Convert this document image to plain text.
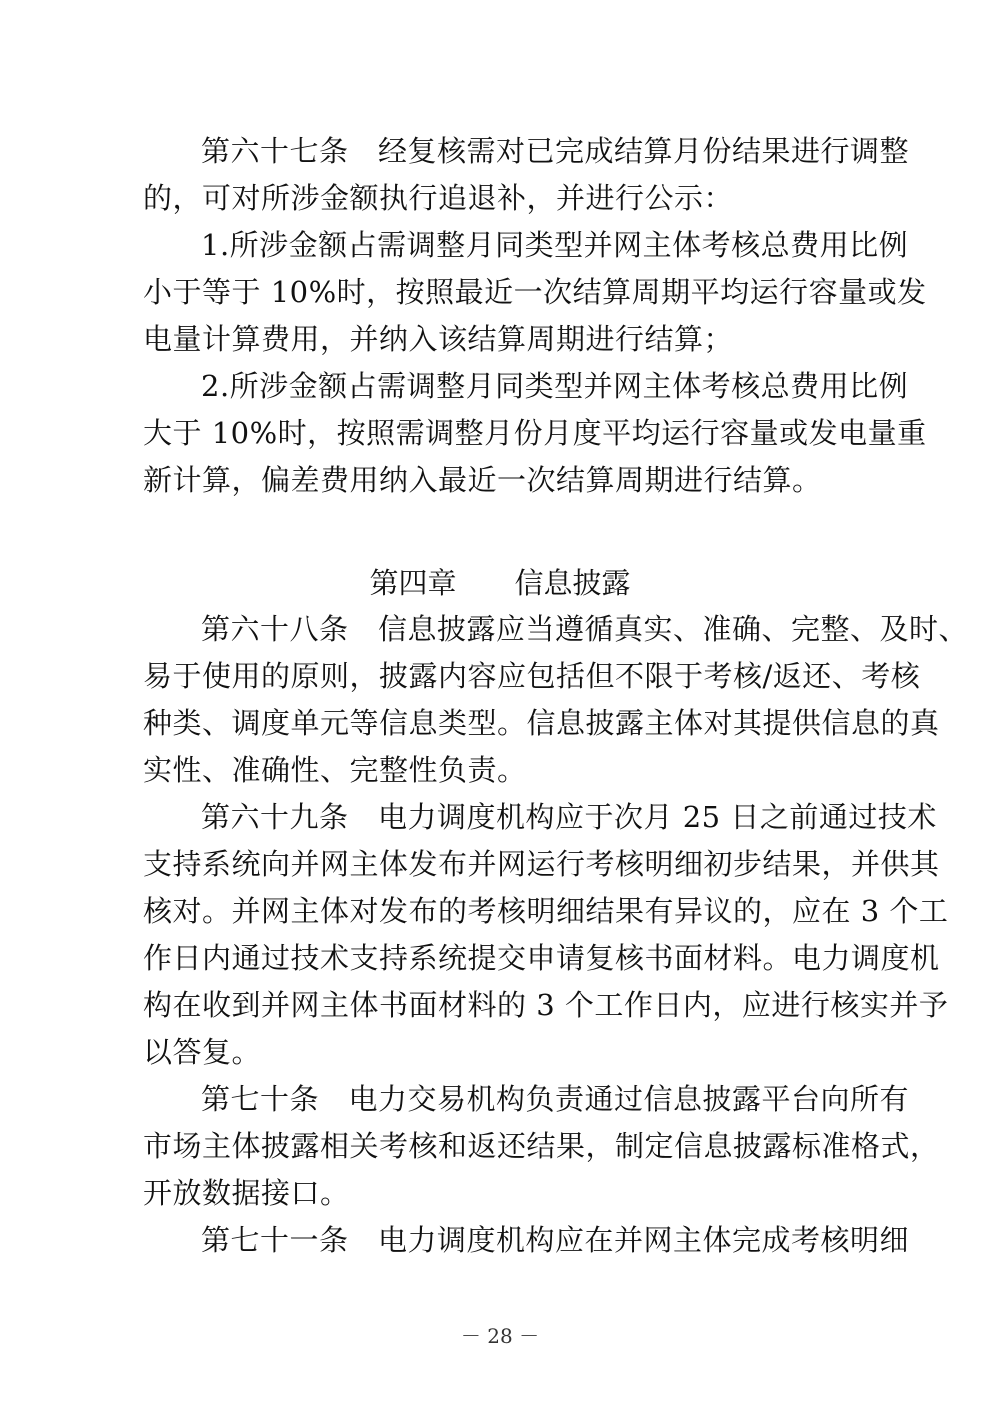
第六十七条　经复核需对已完成结算月份结果进行调整
的，可对所涉金额执行追退补，并进行公示：
1.所涉金额占需调整月同类型并网主体考核总费用比例
小于等于 10%时，按照最近一次结算周期平均运行容量或发
电量计算费用，并纳入该结算周期进行结算；
2.所涉金额占需调整月同类型并网主体考核总费用比例
大于 10%时，按照需调整月份月度平均运行容量或发电量重
新计算，偏差费用纳入最近一次结算周期进行结算。
第四章　　信息披露
第六十八条　信息披露应当遵循真实、准确、完整、及时、
易于使用的原则，披露内容应包括但不限于考核/返还、考核
种类、调度单元等信息类型。信息披露主体对其提供信息的真
实性、准确性、完整性负责。
第六十九条　电力调度机构应于次月 25 日之前通过技术
支持系统向并网主体发布并网运行考核明细初步结果，并供其
核对。并网主体对发布的考核明细结果有异议的，应在 3 个工
作日内通过技术支持系统提交申请复核书面材料。电力调度机
构在收到并网主体书面材料的 3 个工作日内，应进行核实并予
以答复。
第七十条　电力交易机构负责通过信息披露平台向所有
市场主体披露相关考核和返还结果，制定信息披露标准格式，
开放数据接口。
第七十一条　电力调度机构应在并网主体完成考核明细
－ 28 －
